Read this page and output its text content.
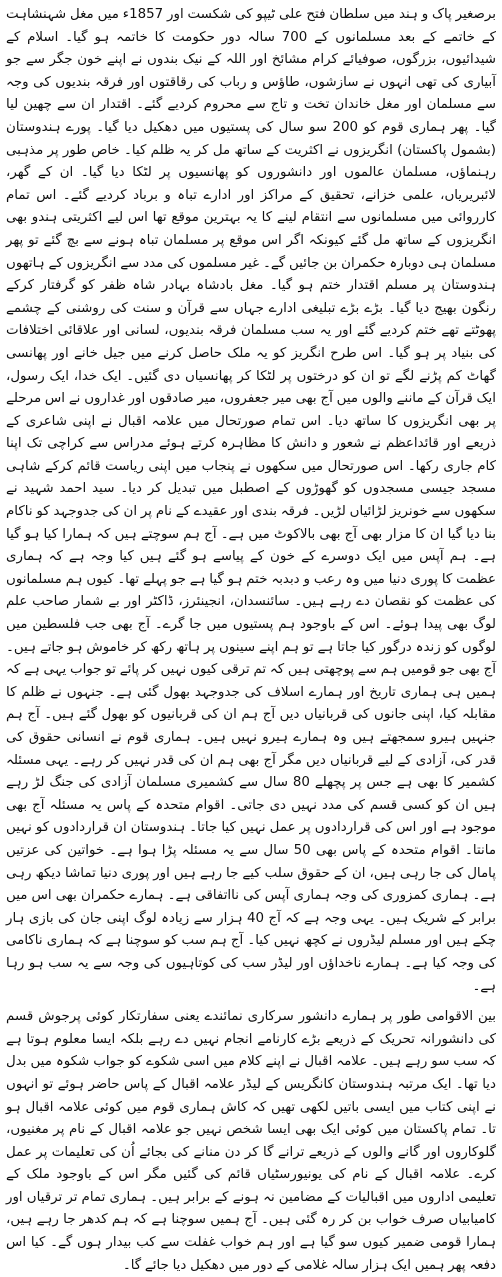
برصغیر پاک و ہند میں سلطان فتح علی ٹیپو کی شکست اور 1857ء میں مغل شہنشاہت کے خاتمے کے بعد مسلمانوں کے 700 سالہ دور حکومت کا خاتمہ ہو گیا۔ اسلام کے شیدائیوں، بزرگوں، صوفیائے کرام مشائخ اور اللہ کے نیک بندوں نے اپنے خون جگر سے جو آبیاری کی تھی انہوں نے سازشوں، طاؤس و رباب کی رقاقتوں اور فرقہ بندیوں کی وجہ سے مسلمان اور مغل خاندان تخت و تاج سے محروم کردیے گئے۔ اقتدار ان سے چھین لیا گیا۔ پھر ہماری قوم کو 200 سو سال کی پستیوں میں دھکیل دیا گیا۔ پورے ہندوستان (بشمول پاکستان) انگریزوں نے اکثریت کے ساتھ مل کر یہ ظلم کیا۔ خاص طور پر مذہبی رہنماؤں، مسلمان عالموں اور دانشوروں کو پھانسیوں پر لٹکا دیا گیا۔ ان کے گھر، لائبریریاں، علمی خزانے، تحقیق کے مراکز اور ادارے تباہ و برباد کردیے گئے۔ اس تمام کارروائی میں مسلمانوں سے انتقام لینے کا یہ بہترین موقع تھا اس لیے اکثریتی ہندو بھی انگریزوں کے ساتھ مل گئے کیونکہ اگر اس موقع پر مسلمان تباہ ہونے سے بچ گئے تو پھر مسلمان ہی دوبارہ حکمران بن جائیں گے۔ غیر مسلموں کی مدد سے انگریزوں کے ہاتھوں ہندوستان پر مسلم اقتدار ختم ہو گیا۔ مغل بادشاہ بہادر شاہ ظفر کو گرفتار کرکے رنگون بھیج دیا گیا۔ بڑے بڑے تبلیغی ادارے جہاں سے قرآن و سنت کی روشنی کے چشمے پھوٹتے تھے ختم کردیے گئے اور یہ سب مسلمان فرقہ بندیوں، لسانی اور علاقائی اختلافات کی بنیاد پر ہو گیا۔ اس طرح انگریز کو یہ ملک حاصل کرنے میں جیل خانے اور پھانسی گھاٹ کم پڑنے لگے تو ان کو درختوں پر لٹکا کر پھانسیاں دی گئیں۔ ایک خدا، ایک رسول، ایک قرآن کے ماننے والوں میں آج بھی میر جعفروں، میر صادقوں اور غداروں نے اس مرحلے پر بھی انگریزوں کا ساتھ دیا۔ اس تمام صورتحال میں علامہ اقبال نے اپنی شاعری کے ذریعے اور قائداعظم نے شعور و دانش کا مظاہرہ کرتے ہوئے مدراس سے کراچی تک اپنا کام جاری رکھا۔ اس صورتحال میں سکھوں نے پنجاب میں اپنی ریاست قائم کرکے شاہی مسجد جیسی مسجدوں کو گھوڑوں کے اصطبل میں تبدیل کر دیا۔ سید احمد شہید نے سکھوں سے خونریز لڑائیاں لڑیں۔ فرقہ بندی اور عقیدے کے نام پر ان کی جدوجہد کو ناکام بنا دیا گیا ان کا مزار بھی آج بھی بالاکوٹ میں ہے۔ آج ہم سوچتے ہیں کہ ہمارا کیا ہو گیا ہے۔ ہم آپس میں ایک دوسرے کے خون کے پیاسے ہو گئے ہیں کیا وجہ ہے کہ ہماری عظمت کا پوری دنیا میں وہ رعب و دبدبہ ختم ہو گیا ہے جو پہلے تھا۔ کیوں ہم مسلمانوں کی عظمت کو نقصان دے رہے ہیں۔ سائنسدان، انجینئرز، ڈاکٹر اور بے شمار صاحب علم لوگ بھی پیدا ہوئے۔ اس کے باوجود ہم پستیوں میں جا گرے۔ آج بھی جب فلسطین میں لوگوں کو زندہ درگور کیا جاتا ہے تو ہم اپنے سینوں پر ہاتھ رکھ کر خاموش ہو جاتے ہیں۔ آج بھی جو قومیں ہم سے پوچھتی ہیں کہ تم ترقی کیوں نہیں کر پائے تو جواب یہی ہے کہ ہمیں ہی ہماری تاریخ اور ہمارے اسلاف کی جدوجہد بھول گئی ہے۔ جنہوں نے ظلم کا مقابلہ کیا، اپنی جانوں کی قربانیاں دیں آج ہم ان کی قربانیوں کو بھول گئے ہیں۔ آج ہم جنہیں ہیرو سمجھتے ہیں وہ ہمارے ہیرو نہیں ہیں۔ ہماری قوم نے انسانی حقوق کی قدر کی، آزادی کے لیے قربانیاں دیں مگر آج بھی ہم ان کی قدر نہیں کر رہے۔ یہی مسئلہ کشمیر کا بھی ہے جس پر پچھلے 80 سال سے کشمیری مسلمان آزادی کی جنگ لڑ رہے ہیں ان کو کسی قسم کی مدد نہیں دی جاتی۔ اقوام متحدہ کے پاس یہ مسئلہ آج بھی موجود ہے اور اس کی قراردادوں پر عمل نہیں کیا جاتا۔ ہندوستان ان قراردادوں کو نہیں مانتا۔ اقوام متحدہ کے پاس بھی 50 سال سے یہ مسئلہ پڑا ہوا ہے۔ خواتین کی عزتیں پامال کی جا رہی ہیں، ان کے حقوق سلب کیے جا رہے ہیں اور پوری دنیا تماشا دیکھ رہی ہے۔ ہماری کمزوری کی وجہ ہماری آپس کی نااتفاقی ہے۔ ہمارے حکمران بھی اس میں برابر کے شریک ہیں۔ یہی وجہ ہے کہ آج 40 ہزار سے زیادہ لوگ اپنی جان کی بازی ہار چکے ہیں اور مسلم لیڈروں نے کچھ نہیں کیا۔ آج ہم سب کو سوچنا ہے کہ ہماری ناکامی کی وجہ کیا ہے۔ ہمارے ناخداؤں اور لیڈر سب کی کوتاہیوں کی وجہ سے یہ سب ہو رہا ہے۔

بین الاقوامی طور پر ہمارے دانشور سرکاری نمائندے یعنی سفارتکار کوئی پرجوش قسم کی دانشورانہ تحریک کے ذریعے بڑے کارنامے انجام نہیں دے رہے بلکہ ایسا معلوم ہوتا ہے کہ سب سو رہے ہیں۔ علامہ اقبال نے اپنے کلام میں اسی شکوے کو جواب شکوہ میں بدل دیا تھا۔ ایک مرتبہ ہندوستان کانگریس کے لیڈر علامہ اقبال کے پاس حاضر ہوئے تو انہوں نے اپنی کتاب میں ایسی باتیں لکھی تھیں کہ کاش ہماری قوم میں کوئی علامہ اقبال ہو تا۔ تمام پاکستان میں کوئی ایک بھی ایسا شخص نہیں جو علامہ اقبال کے نام پر مغنیوں، گلوکاروں اور گانے والوں کے ذریعے ترانے گا کر دن منانے کی بجائے اُن کی تعلیمات پر عمل کرے۔ علامہ اقبال کے نام کی یونیورسٹیاں قائم کی گئیں مگر اس کے باوجود ملک کے تعلیمی اداروں میں اقبالیات کے مضامین نہ ہونے کے برابر ہیں۔ ہماری تمام تر ترقیاں اور کامیابیاں صرف خواب بن کر رہ گئی ہیں۔ آج ہمیں سوچنا ہے کہ ہم کدھر جا رہے ہیں، ہمارا قومی ضمیر کیوں سو گیا ہے اور ہم خواب غفلت سے کب بیدار ہوں گے۔ کیا اس دفعہ پھر ہمیں ایک ہزار سالہ غلامی کے دور میں دھکیل دیا جائے گا۔
